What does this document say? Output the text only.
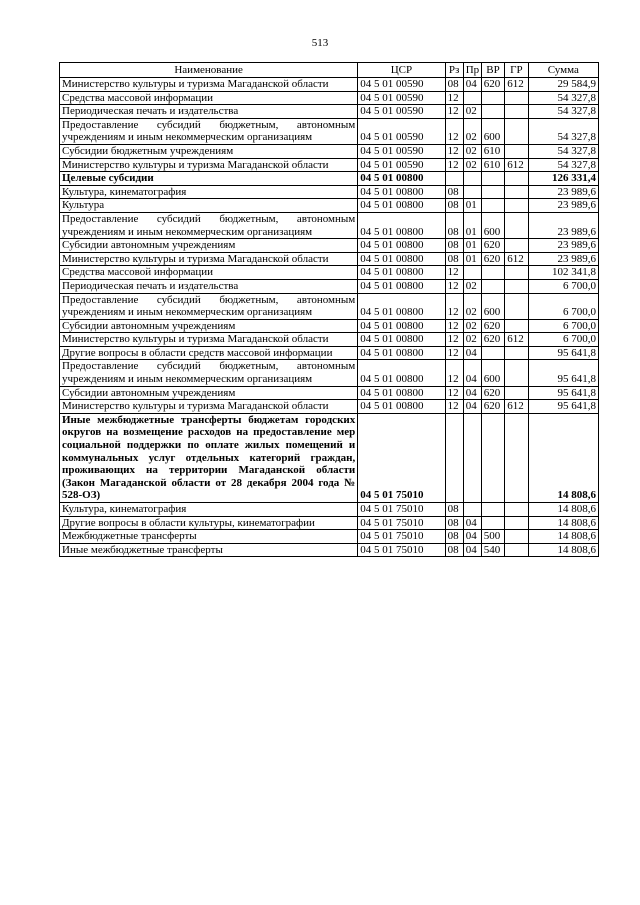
513
Наименование	ЦСР	Рз	Пр	ВР	ГР	Сумма
Министерство культуры и туризма Магаданской области	04 5 01 00590	08	04	620	612	29 584,9
Средства массовой информации	04 5 01 00590	12				54 327,8
Периодическая печать и издательства	04 5 01 00590	12	02			54 327,8
Предоставление субсидий бюджетным, автономным учреждениям и иным некоммерческим организациям	04 5 01 00590	12	02	600		54 327,8
Субсидии бюджетным учреждениям	04 5 01 00590	12	02	610		54 327,8
Министерство культуры и туризма Магаданской области	04 5 01 00590	12	02	610	612	54 327,8
Целевые субсидии	04 5 01 00800					126 331,4
Культура, кинематография	04 5 01 00800	08				23 989,6
Культура	04 5 01 00800	08	01			23 989,6
Предоставление субсидий бюджетным, автономным учреждениям и иным некоммерческим организациям	04 5 01 00800	08	01	600		23 989,6
Субсидии автономным учреждениям	04 5 01 00800	08	01	620		23 989,6
Министерство культуры и туризма Магаданской области	04 5 01 00800	08	01	620	612	23 989,6
Средства массовой информации	04 5 01 00800	12				102 341,8
Периодическая печать и издательства	04 5 01 00800	12	02			6 700,0
Предоставление субсидий бюджетным, автономным учреждениям и иным некоммерческим организациям	04 5 01 00800	12	02	600		6 700,0
Субсидии автономным учреждениям	04 5 01 00800	12	02	620		6 700,0
Министерство культуры и туризма Магаданской области	04 5 01 00800	12	02	620	612	6 700,0
Другие вопросы в области средств массовой информации	04 5 01 00800	12	04			95 641,8
Предоставление субсидий бюджетным, автономным учреждениям и иным некоммерческим организациям	04 5 01 00800	12	04	600		95 641,8
Субсидии автономным учреждениям	04 5 01 00800	12	04	620		95 641,8
Министерство культуры и туризма Магаданской области	04 5 01 00800	12	04	620	612	95 641,8
Иные межбюджетные трансферты бюджетам городских округов на возмещение расходов на предоставление мер социальной поддержки по оплате жилых помещений и коммунальных услуг отдельных категорий граждан, проживающих на территории Магаданской области (Закон Магаданской области от 28 декабря 2004 года № 528-ОЗ)	04 5 01 75010					14 808,6
Культура, кинематография	04 5 01 75010	08				14 808,6
Другие вопросы в области культуры, кинематографии	04 5 01 75010	08	04			14 808,6
Межбюджетные трансферты	04 5 01 75010	08	04	500		14 808,6
Иные межбюджетные трансферты	04 5 01 75010	08	04	540		14 808,6
